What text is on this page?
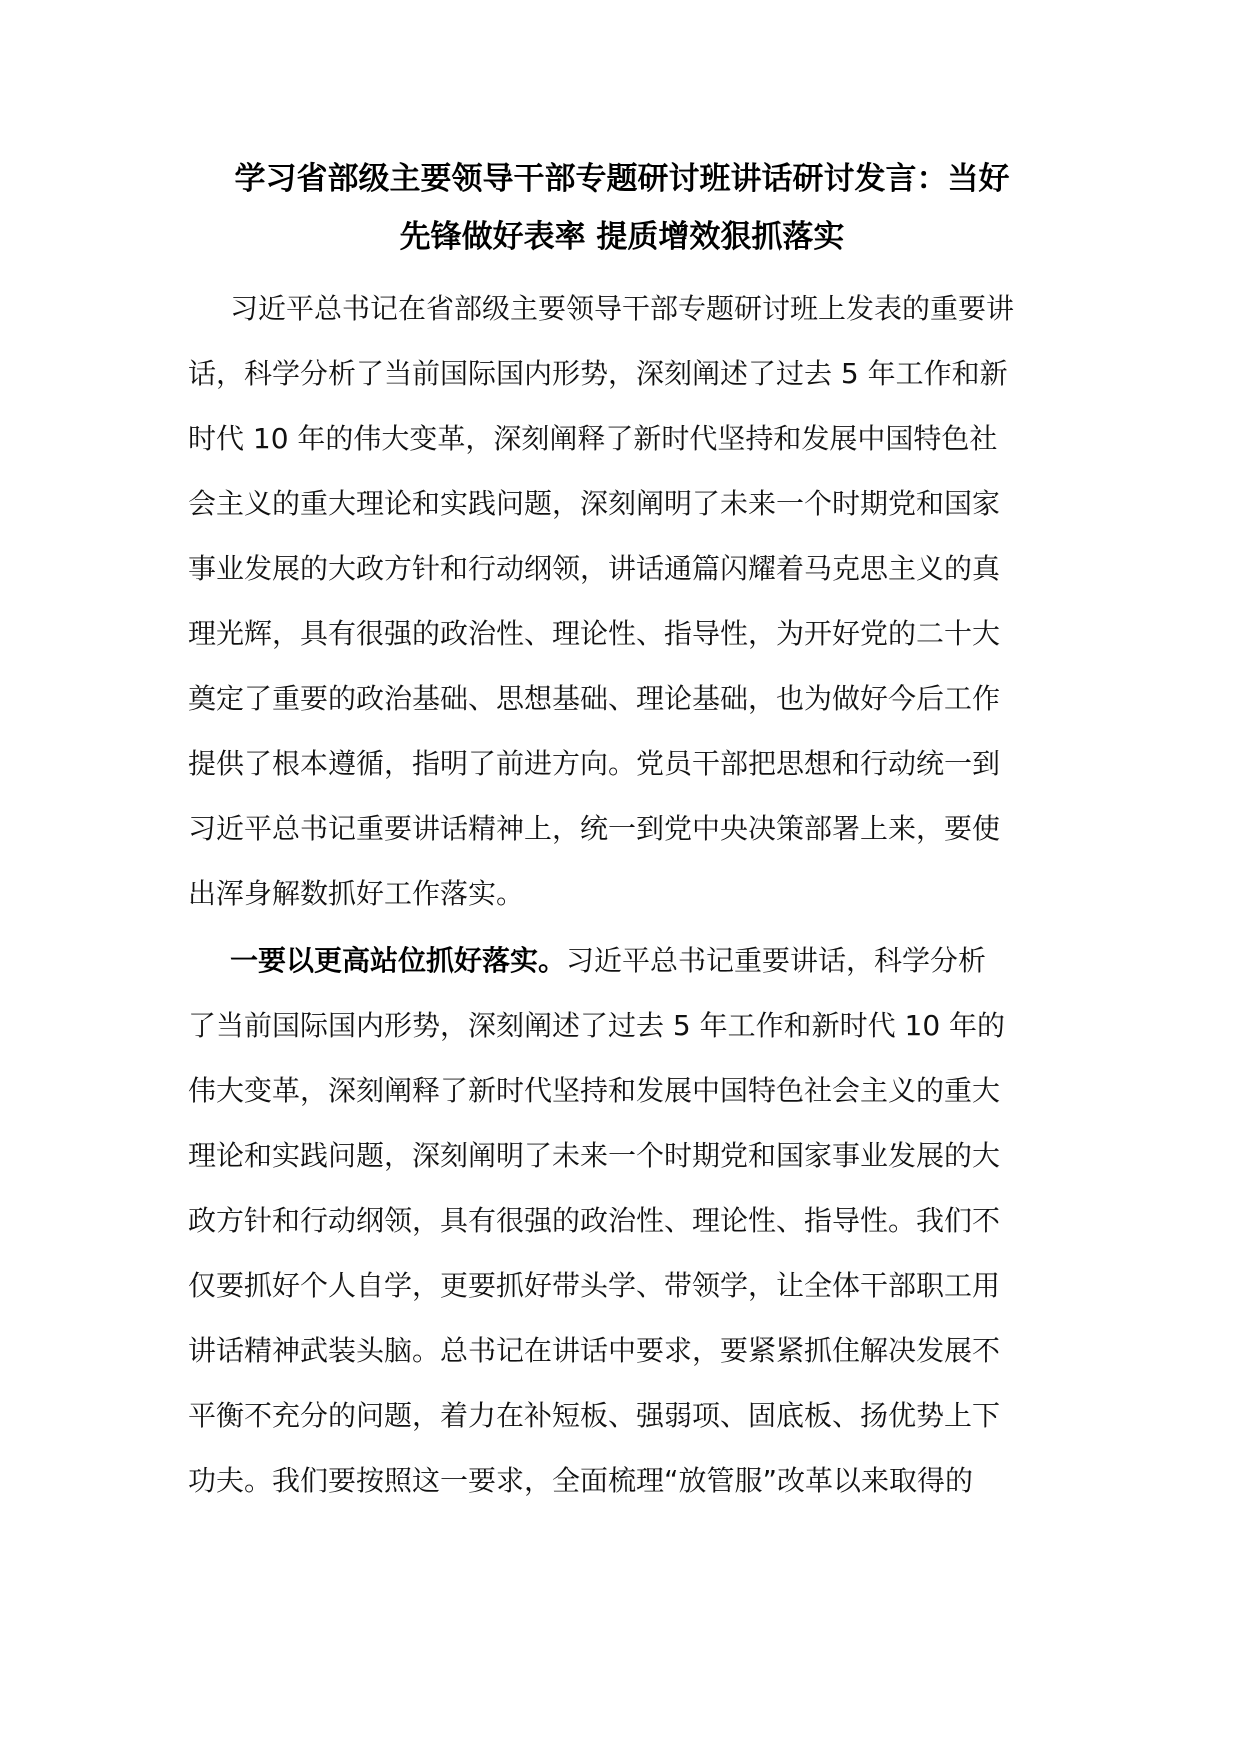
学习省部级主要领导干部专题研讨班讲话研讨发言：当好
先锋做好表率 提质增效狠抓落实

习近平总书记在省部级主要领导干部专题研讨班上发表的重要讲
话，科学分析了当前国际国内形势，深刻阐述了过去 5 年工作和新
时代 10 年的伟大变革，深刻阐释了新时代坚持和发展中国特色社
会主义的重大理论和实践问题，深刻阐明了未来一个时期党和国家
事业发展的大政方针和行动纲领，讲话通篇闪耀着马克思主义的真
理光辉，具有很强的政治性、理论性、指导性，为开好党的二十大
奠定了重要的政治基础、思想基础、理论基础，也为做好今后工作
提供了根本遵循，指明了前进方向。党员干部把思想和行动统一到
习近平总书记重要讲话精神上，统一到党中央决策部署上来，要使
出浑身解数抓好工作落实。

一要以更高站位抓好落实。习近平总书记重要讲话，科学分析
了当前国际国内形势，深刻阐述了过去 5 年工作和新时代 10 年的
伟大变革，深刻阐释了新时代坚持和发展中国特色社会主义的重大
理论和实践问题，深刻阐明了未来一个时期党和国家事业发展的大
政方针和行动纲领，具有很强的政治性、理论性、指导性。我们不
仅要抓好个人自学，更要抓好带头学、带领学，让全体干部职工用
讲话精神武装头脑。总书记在讲话中要求，要紧紧抓住解决发展不
平衡不充分的问题，着力在补短板、强弱项、固底板、扬优势上下
功夫。我们要按照这一要求，全面梳理“放管服”改革以来取得的
